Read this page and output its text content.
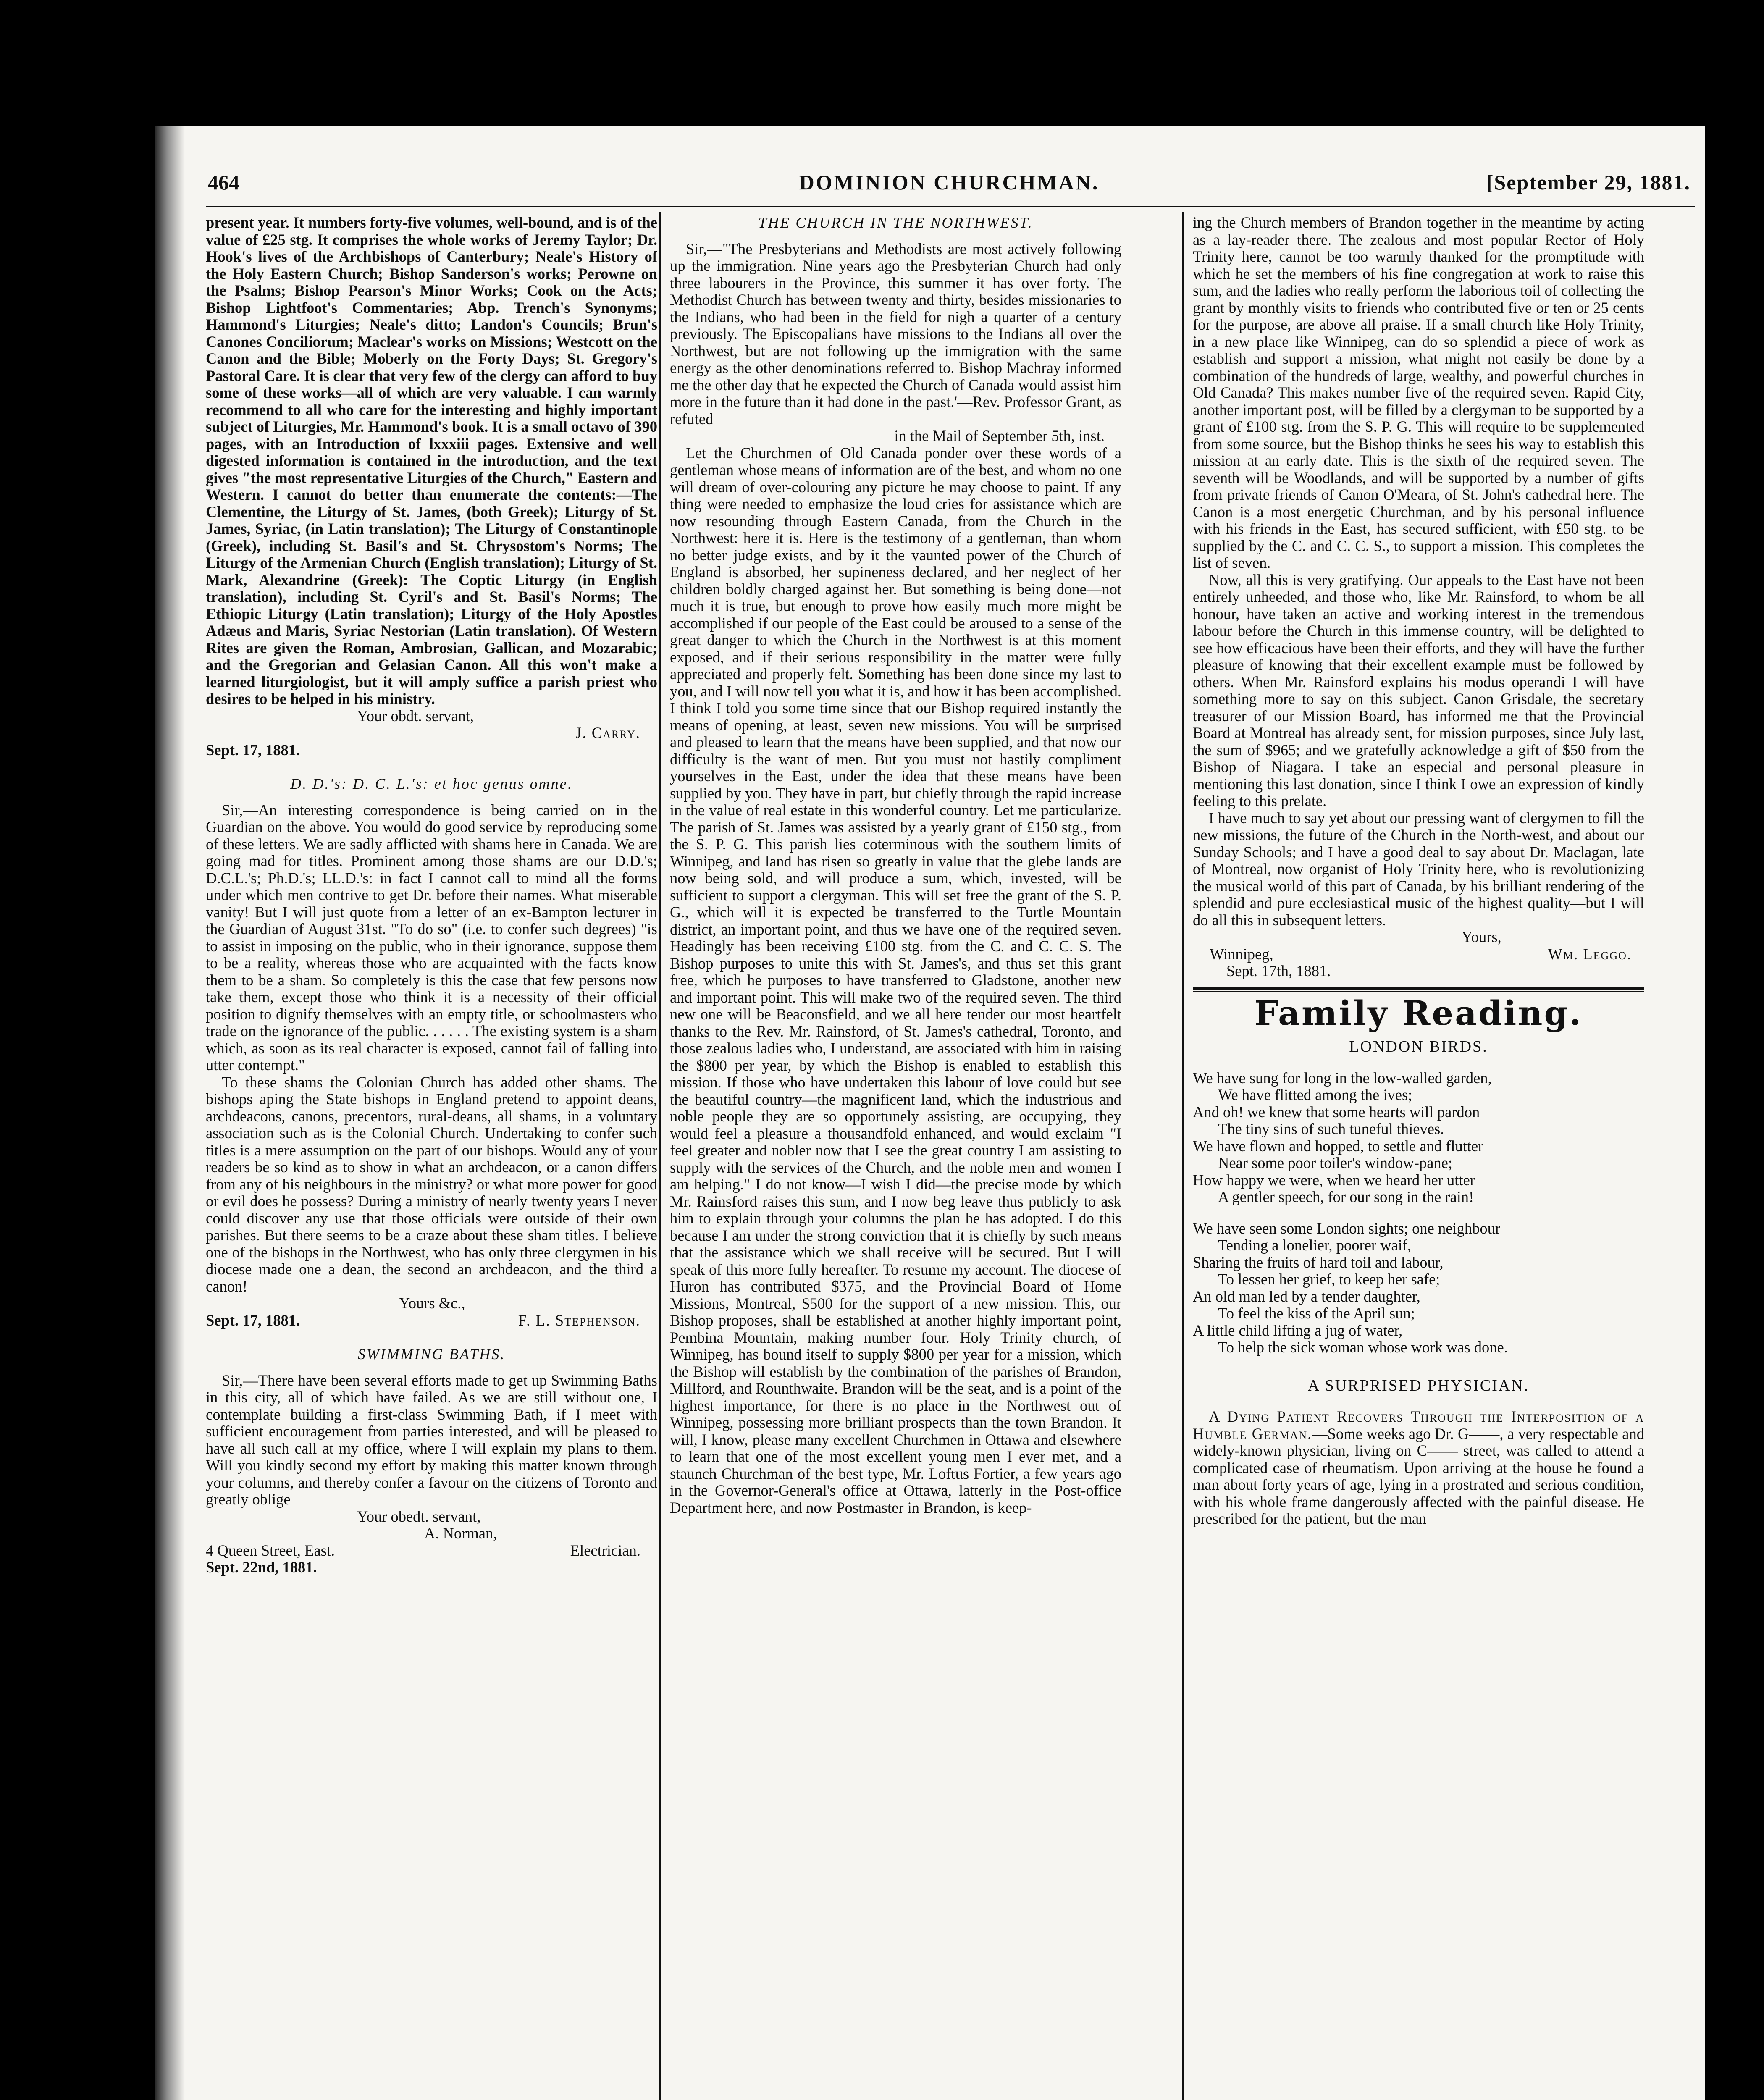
464	DOMINION CHURCHMAN.	[September 29, 1881.

present year. It numbers forty-five volumes, well-bound, and is of the value of £25 stg. It comprises the whole works of Jeremy Taylor; Dr. Hook's lives of the Archbishops of Canterbury; Neale's History of the Holy Eastern Church; Bishop Sanderson's works; Perowne on the Psalms; Bishop Pearson's Minor Works; Cook on the Acts; Bishop Lightfoot's Commentaries; Abp. Trench's Synonyms; Hammond's Liturgies; Neale's ditto; Landon's Councils; Brun's Canones Conciliorum; Maclear's works on Missions; Westcott on the Canon and the Bible; Moberly on the Forty Days; St. Gregory's Pastoral Care. It is clear that very few of the clergy can afford to buy some of these works—all of which are very valuable. I can warmly recommend to all who care for the interesting and highly important subject of Liturgies, Mr. Hammond's book. It is a small octavo of 390 pages, with an Introduction of lxxxiii pages. Extensive and well digested information is contained in the introduction, and the text gives "the most representative Liturgies of the Church," Eastern and Western. I cannot do better than enumerate the contents:—The Clementine, the Liturgy of St. James, (both Greek); Liturgy of St. James, Syriac, (in Latin translation); The Liturgy of Constantinople (Greek), including St. Basil's and St. Chrysostom's Norms; The Liturgy of the Armenian Church (English translation); Liturgy of St. Mark, Alexandrine (Greek): The Coptic Liturgy (in English translation), including St. Cyril's and St. Basil's Norms; The Ethiopic Liturgy (Latin translation); Liturgy of the Holy Apostles Adæus and Maris, Syriac Nestorian (Latin translation). Of Western Rites are given the Roman, Ambrosian, Gallican, and Mozarabic; and the Gregorian and Gelasian Canon. All this won't make a learned liturgiologist, but it will amply suffice a parish priest who desires to be helped in his ministry.

Your obdt. servant,
J. Carry.
Sept. 17, 1881.
D. D.'s: D. C. L.'s: et hoc genus omne.

Sir,—An interesting correspondence is being carried on in the Guardian on the above. You would do good service by reproducing some of these letters. We are sadly afflicted with shams here in Canada. We are going mad for titles. Prominent among those shams are our D.D.'s; D.C.L.'s; Ph.D.'s; LL.D.'s: in fact I cannot call to mind all the forms under which men contrive to get Dr. before their names. What miserable vanity! But I will just quote from a letter of an ex-Bampton lecturer in the Guardian of August 31st. "To do so" (i.e. to confer such degrees) "is to assist in imposing on the public, who in their ignorance, suppose them to be a reality, whereas those who are acquainted with the facts know them to be a sham. So completely is this the case that few persons now take them, except those who think it is a necessity of their official position to dignify themselves with an empty title, or schoolmasters who trade on the ignorance of the public. . . . . . The existing system is a sham which, as soon as its real character is exposed, cannot fail of falling into utter contempt."

To these shams the Colonian Church has added other shams. The bishops aping the State bishops in England pretend to appoint deans, archdeacons, canons, precentors, rural-deans, all shams, in a voluntary association such as is the Colonial Church. Undertaking to confer such titles is a mere assumption on the part of our bishops. Would any of your readers be so kind as to show in what an archdeacon, or a canon differs from any of his neighbours in the ministry? or what more power for good or evil does he possess? During a ministry of nearly twenty years I never could discover any use that those officials were outside of their own parishes. But there seems to be a craze about these sham titles. I believe one of the bishops in the Northwest, who has only three clergymen in his diocese made one a dean, the second an archdeacon, and the third a canon!

Yours &c.,
Sept. 17, 1881.	F. L. Stephenson.
SWIMMING BATHS.

Sir,—There have been several efforts made to get up Swimming Baths in this city, all of which have failed. As we are still without one, I contemplate building a first-class Swimming Bath, if I meet with sufficient encouragement from parties interested, and will be pleased to have all such call at my office, where I will explain my plans to them. Will you kindly second my effort by making this matter known through your columns, and thereby confer a favour on the citizens of Toronto and greatly oblige

Your obedt. servant,
A. Norman,
4 Queen Street, East.	Electrician.
Sept. 22nd, 1881.
THE CHURCH IN THE NORTHWEST.

Sir,—"The Presbyterians and Methodists are most actively following up the immigration. Nine years ago the Presbyterian Church had only three labourers in the Province, this summer it has over forty. The Methodist Church has between twenty and thirty, besides missionaries to the Indians, who had been in the field for nigh a quarter of a century previously. The Episcopalians have missions to the Indians all over the Northwest, but are not following up the immigration with the same energy as the other denominations referred to. Bishop Machray informed me the other day that he expected the Church of Canada would assist him more in the future than it had done in the past.'—Rev. Professor Grant, as refuted

in the Mail of September 5th, inst.

Let the Churchmen of Old Canada ponder over these words of a gentleman whose means of information are of the best, and whom no one will dream of over-colouring any picture he may choose to paint. If any thing were needed to emphasize the loud cries for assistance which are now resounding through Eastern Canada, from the Church in the Northwest: here it is. Here is the testimony of a gentleman, than whom no better judge exists, and by it the vaunted power of the Church of England is absorbed, her supineness declared, and her neglect of her children boldly charged against her. But something is being done—not much it is true, but enough to prove how easily much more might be accomplished if our people of the East could be aroused to a sense of the great danger to which the Church in the Northwest is at this moment exposed, and if their serious responsibility in the matter were fully appreciated and properly felt. Something has been done since my last to you, and I will now tell you what it is, and how it has been accomplished. I think I told you some time since that our Bishop required instantly the means of opening, at least, seven new missions. You will be surprised and pleased to learn that the means have been supplied, and that now our difficulty is the want of men. But you must not hastily compliment yourselves in the East, under the idea that these means have been supplied by you. They have in part, but chiefly through the rapid increase in the value of real estate in this wonderful country. Let me particularize. The parish of St. James was assisted by a yearly grant of £150 stg., from the S. P. G. This parish lies coterminous with the southern limits of Winnipeg, and land has risen so greatly in value that the glebe lands are now being sold, and will produce a sum, which, invested, will be sufficient to support a clergyman. This will set free the grant of the S. P. G., which will it is expected be transferred to the Turtle Mountain district, an important point, and thus we have one of the required seven. Headingly has been receiving £100 stg. from the C. and C. C. S. The Bishop purposes to unite this with St. James's, and thus set this grant free, which he purposes to have transferred to Gladstone, another new and important point. This will make two of the required seven. The third new one will be Beaconsfield, and we all here tender our most heartfelt thanks to the Rev. Mr. Rainsford, of St. James's cathedral, Toronto, and those zealous ladies who, I understand, are associated with him in raising the $800 per year, by which the Bishop is enabled to establish this mission. If those who have undertaken this labour of love could but see the beautiful country—the magnificent land, which the industrious and noble people they are so opportunely assisting, are occupying, they would feel a pleasure a thousandfold enhanced, and would exclaim "I feel greater and nobler now that I see the great country I am assisting to supply with the services of the Church, and the noble men and women I am helping." I do not know—I wish I did—the precise mode by which Mr. Rainsford raises this sum, and I now beg leave thus publicly to ask him to explain through your columns the plan he has adopted. I do this because I am under the strong conviction that it is chiefly by such means that the assistance which we shall receive will be secured. But I will speak of this more fully hereafter. To resume my account. The diocese of Huron has contributed $375, and the Provincial Board of Home Missions, Montreal, $500 for the support of a new mission. This, our Bishop proposes, shall be established at another highly important point, Pembina Mountain, making number four. Holy Trinity church, of Winnipeg, has bound itself to supply $800 per year for a mission, which the Bishop will establish by the combination of the parishes of Brandon, Millford, and Rounthwaite. Brandon will be the seat, and is a point of the highest importance, for there is no place in the Northwest out of Winnipeg, possessing more brilliant prospects than the town Brandon. It will, I know, please many excellent Churchmen in Ottawa and elsewhere to learn that one of the most excellent young men I ever met, and a staunch Churchman of the best type, Mr. Loftus Fortier, a few years ago in the Governor-General's office at Ottawa, latterly in the Post-office Department here, and now Postmaster in Brandon, is keep-

ing the Church members of Brandon together in the meantime by acting as a lay-reader there. The zealous and most popular Rector of Holy Trinity here, cannot be too warmly thanked for the promptitude with which he set the members of his fine congregation at work to raise this sum, and the ladies who really perform the laborious toil of collecting the grant by monthly visits to friends who contributed five or ten or 25 cents for the purpose, are above all praise. If a small church like Holy Trinity, in a new place like Winnipeg, can do so splendid a piece of work as establish and support a mission, what might not easily be done by a combination of the hundreds of large, wealthy, and powerful churches in Old Canada? This makes number five of the required seven. Rapid City, another important post, will be filled by a clergyman to be supported by a grant of £100 stg. from the S. P. G. This will require to be supplemented from some source, but the Bishop thinks he sees his way to establish this mission at an early date. This is the sixth of the required seven. The seventh will be Woodlands, and will be supported by a number of gifts from private friends of Canon O'Meara, of St. John's cathedral here. The Canon is a most energetic Churchman, and by his personal influence with his friends in the East, has secured sufficient, with £50 stg. to be supplied by the C. and C. C. S., to support a mission. This completes the list of seven.

Now, all this is very gratifying. Our appeals to the East have not been entirely unheeded, and those who, like Mr. Rainsford, to whom be all honour, have taken an active and working interest in the tremendous labour before the Church in this immense country, will be delighted to see how efficacious have been their efforts, and they will have the further pleasure of knowing that their excellent example must be followed by others. When Mr. Rainsford explains his modus operandi I will have something more to say on this subject. Canon Grisdale, the secretary treasurer of our Mission Board, has informed me that the Provincial Board at Montreal has already sent, for mission purposes, since July last, the sum of $965; and we gratefully acknowledge a gift of $50 from the Bishop of Niagara. I take an especial and personal pleasure in mentioning this last donation, since I think I owe an expression of kindly feeling to this prelate.

I have much to say yet about our pressing want of clergymen to fill the new missions, the future of the Church in the North-west, and about our Sunday Schools; and I have a good deal to say about Dr. Maclagan, late of Montreal, now organist of Holy Trinity here, who is revolutionizing the musical world of this part of Canada, by his brilliant rendering of the splendid and pure ecclesiastical music of the highest quality—but I will do all this in subsequent letters.

Yours,
Winnipeg,	Wm. Leggo.
Sept. 17th, 1881.
Family Reading.
LONDON BIRDS.
We have sung for long in the low-walled garden,
We have flitted among the ives;
And oh! we knew that some hearts will pardon
The tiny sins of such tuneful thieves.
We have flown and hopped, to settle and flutter
Near some poor toiler's window-pane;
How happy we were, when we heard her utter
A gentler speech, for our song in the rain!
We have seen some London sights; one neighbour
Tending a lonelier, poorer waif,
Sharing the fruits of hard toil and labour,
To lessen her grief, to keep her safe;
An old man led by a tender daughter,
To feel the kiss of the April sun;
A little child lifting a jug of water,
To help the sick woman whose work was done.
A SURPRISED PHYSICIAN.

A Dying Patient Recovers Through the Interposition of a Humble German.—Some weeks ago Dr. G——, a very respectable and widely-known physician, living on C—— street, was called to attend a complicated case of rheumatism. Upon arriving at the house he found a man about forty years of age, lying in a prostrated and serious condition, with his whole frame dangerously affected with the painful disease. He prescribed for the patient, but the man
